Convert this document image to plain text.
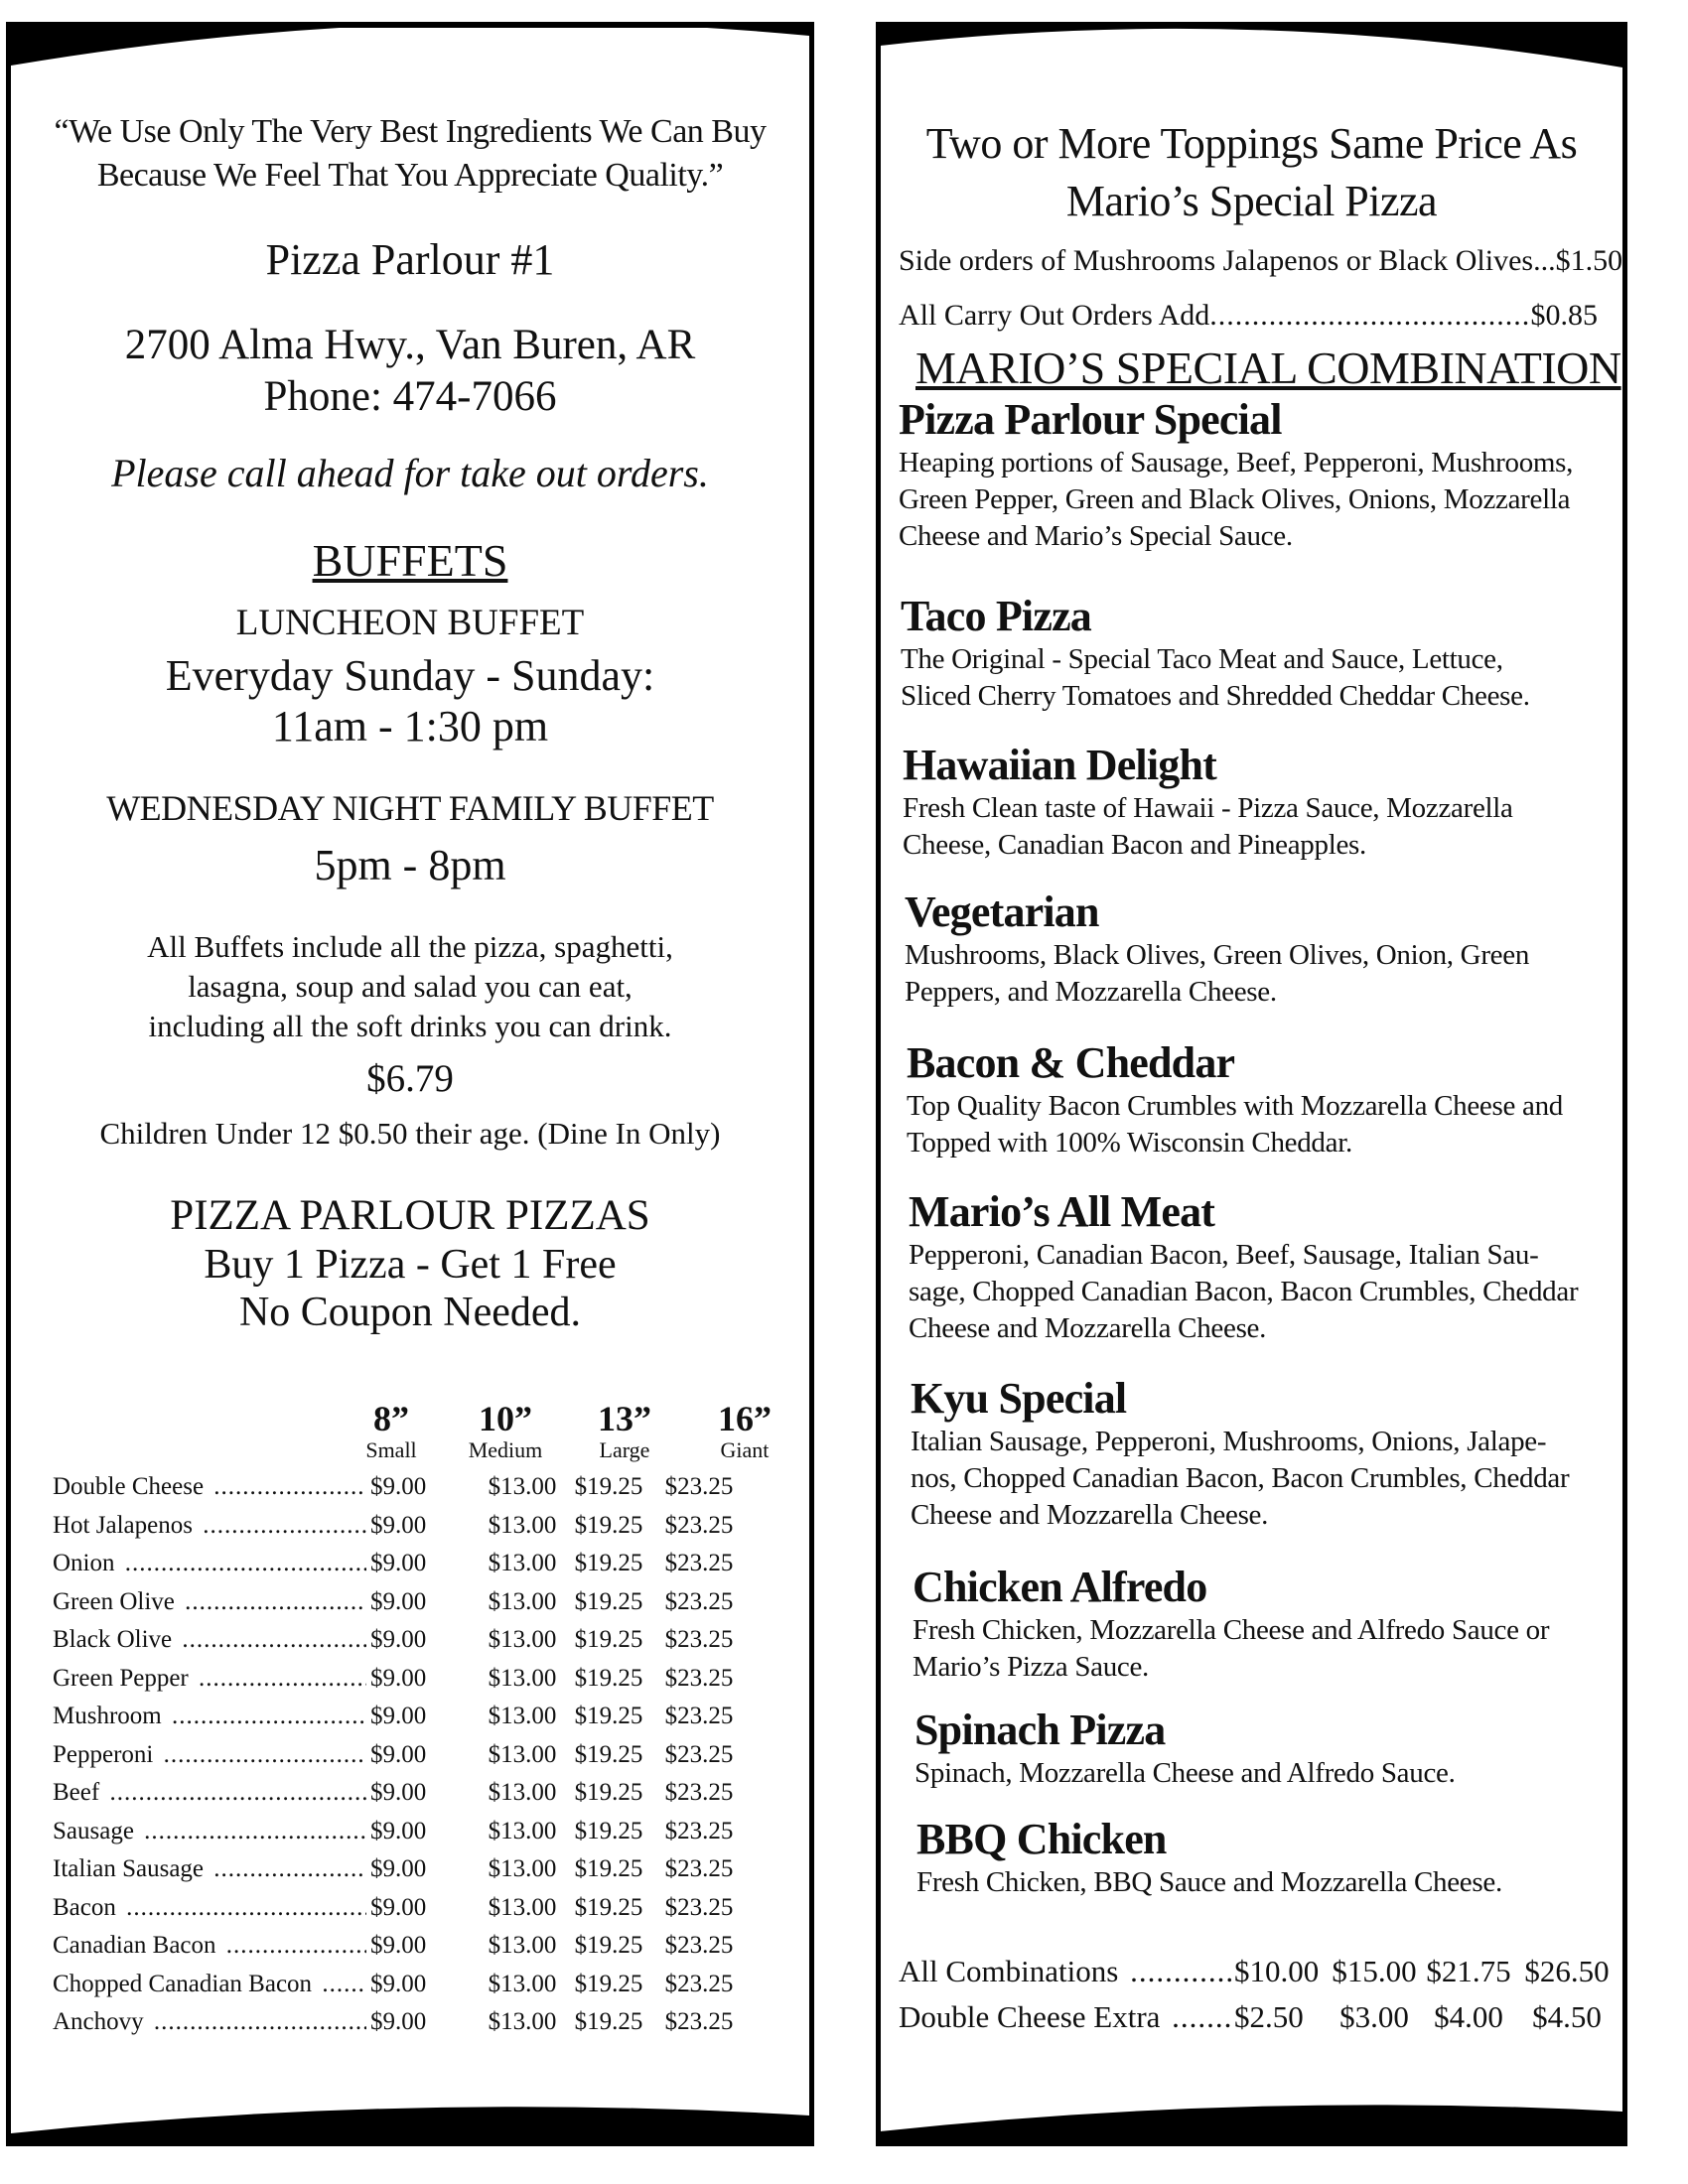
“We Use Only The Very Best Ingredients We Can Buy Because We Feel That You Appreciate Quality.”
Pizza Parlour #1
2700 Alma Hwy., Van Buren, AR
Phone: 474-7066
Please call ahead for take out orders.
BUFFETS
LUNCHEON BUFFET
Everyday Sunday - Sunday:
11am - 1:30 pm
WEDNESDAY NIGHT FAMILY BUFFET
5pm - 8pm
All Buffets include all the pizza, spaghetti,
lasagna, soup and salad you can eat,
including all the soft drinks you can drink.
$6.79
Children Under 12 $0.50 their age. (Dine In Only)
PIZZA PARLOUR PIZZAS
Buy 1 Pizza - Get 1 Free
No Coupon Needed.
8”
Small
10”
Medium
13”
Large
16”
Giant
Double Cheese .....	$9.00	$13.00 $19.25 $23.25
Hot Jalapenos .....	$9.00	$13.00 $19.25 $23.25
Onion .....	$9.00	$13.00 $19.25 $23.25
Green Olive .....	$9.00	$13.00 $19.25 $23.25
Black Olive .....	$9.00	$13.00 $19.25 $23.25
Green Pepper .....	$9.00	$13.00 $19.25 $23.25
Mushroom .....	$9.00	$13.00 $19.25 $23.25
Pepperoni .....	$9.00	$13.00 $19.25 $23.25
Beef .....	$9.00	$13.00 $19.25 $23.25
Sausage .....	$9.00	$13.00 $19.25 $23.25
Italian Sausage .....	$9.00	$13.00 $19.25 $23.25
Bacon .....	$9.00	$13.00 $19.25 $23.25
Canadian Bacon .....	$9.00	$13.00 $19.25 $23.25
Chopped Canadian Bacon .....	$9.00	$13.00 $19.25 $23.25
Anchovy .....	$9.00	$13.00 $19.25 $23.25
Two or More Toppings Same Price As
Mario’s Special Pizza
Side orders of Mushrooms Jalapenos or Black Olives...$1.50
All Carry Out Orders Add
.....	$0.85
MARIO’S SPECIAL COMBINATION
Pizza Parlour Special
Heaping portions of Sausage, Beef, Pepperoni, Mushrooms,
Green Pepper, Green and Black Olives, Onions, Mozzarella
Cheese and Mario’s Special Sauce.
Taco Pizza
The Original - Special Taco Meat and Sauce, Lettuce,
Sliced Cherry Tomatoes and Shredded Cheddar Cheese.
Hawaiian Delight
Fresh Clean taste of Hawaii - Pizza Sauce, Mozzarella
Cheese, Canadian Bacon and Pineapples.
Vegetarian
Mushrooms, Black Olives, Green Olives, Onion, Green
Peppers, and Mozzarella Cheese.
Bacon & Cheddar
Top Quality Bacon Crumbles with Mozzarella Cheese and
Topped with 100% Wisconsin Cheddar.
Mario’s All Meat
Pepperoni, Canadian Bacon, Beef, Sausage, Italian Sau-
sage, Chopped Canadian Bacon, Bacon Crumbles, Cheddar
Cheese and Mozzarella Cheese.
Kyu Special
Italian Sausage, Pepperoni, Mushrooms, Onions, Jalape-
nos, Chopped Canadian Bacon, Bacon Crumbles, Cheddar
Cheese and Mozzarella Cheese.
Chicken Alfredo
Fresh Chicken, Mozzarella Cheese and Alfredo Sauce or
Mario’s Pizza Sauce.
Spinach Pizza
Spinach, Mozzarella Cheese and Alfredo Sauce.
BBQ Chicken
Fresh Chicken, BBQ Sauce and Mozzarella Cheese.
All Combinations .....	$10.00 $15.00 $21.75 $26.50
Double Cheese Extra .....	$2.50	$3.00 $4.00 $4.50
